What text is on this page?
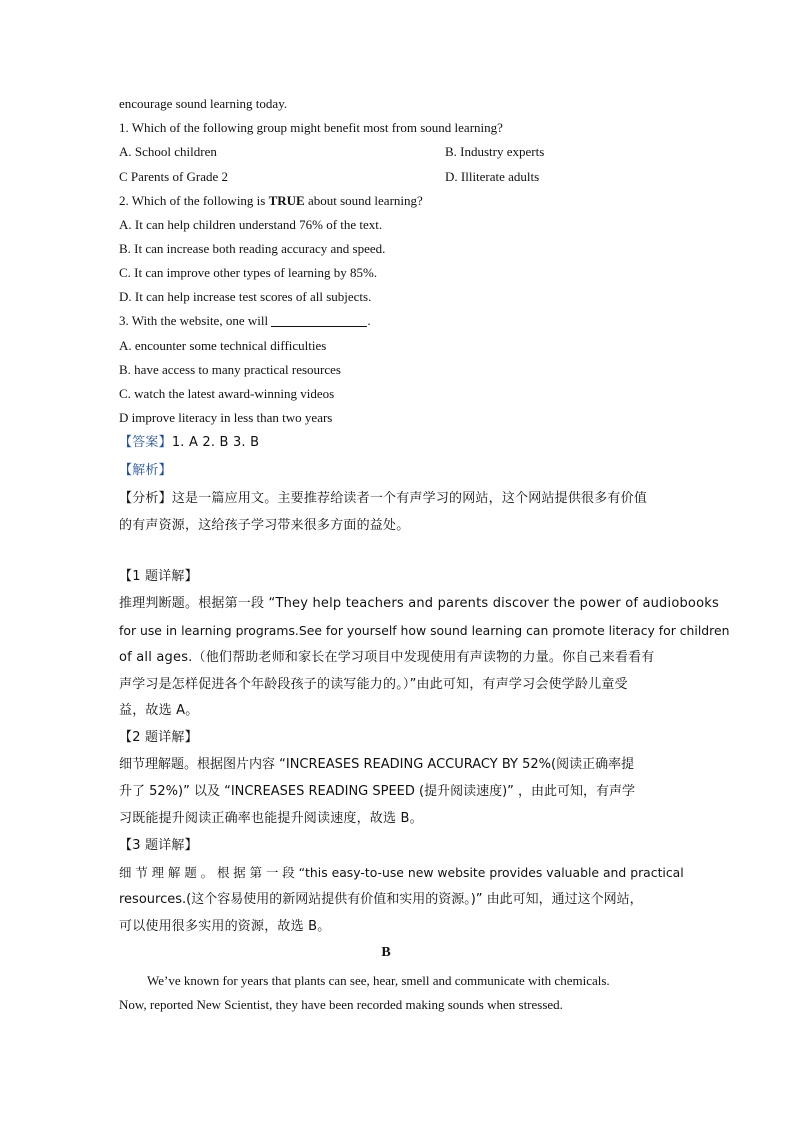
encourage sound learning today.
1. Which of the following group might benefit most from sound learning?
A. School children	B. Industry experts
C Parents of Grade 2	D. Illiterate adults
2. Which of the following is TRUE about sound learning?
A. It can help children understand 76% of the text.
B. It can increase both reading accuracy and speed.
C. It can improve other types of learning by 85%.
D. It can help increase test scores of all subjects.
3. With the website, one will	.
A. encounter some technical difficulties
B. have access to many practical resources
C. watch the latest award-winning videos
D improve literacy in less than two years
【答案】1. A 2. B 3. B
【解析】
【分析】这是一篇应用文。主要推荐给读者一个有声学习的网站，这个网站提供很多有价值
的有声资源，这给孩子学习带来很多方面的益处。
【1 题详解】
推理判断题。根据第一段 “They help teachers and parents discover the power of audiobooks
for use in learning programs.See for yourself how sound learning can promote literacy for children
of all ages.（他们帮助老师和家长在学习项目中发现使用有声读物的力量。你自己来看看有
声学习是怎样促进各个年龄段孩子的读写能力的。）”由此可知，有声学习会使学龄儿童受
益，故选 A。
【2 题详解】
细节理解题。根据图片内容 “INCREASES READING ACCURACY BY 52%(阅读正确率提
升了 52%)” 以及 “INCREASES READING SPEED (提升阅读速度)” ，由此可知，有声学
习既能提升阅读正确率也能提升阅读速度，故选 B。
【3 题详解】
细 节 理 解 题 。 根 据 第 一 段 “this easy-to-use new website provides valuable and practical
resources.(这个容易使用的新网站提供有价值和实用的资源。)” 由此可知，通过这个网站，
可以使用很多实用的资源，故选 B。
B
We’ve known for years that plants can see, hear, smell and communicate with chemicals.
Now, reported New Scientist, they have been recorded making sounds when stressed.
